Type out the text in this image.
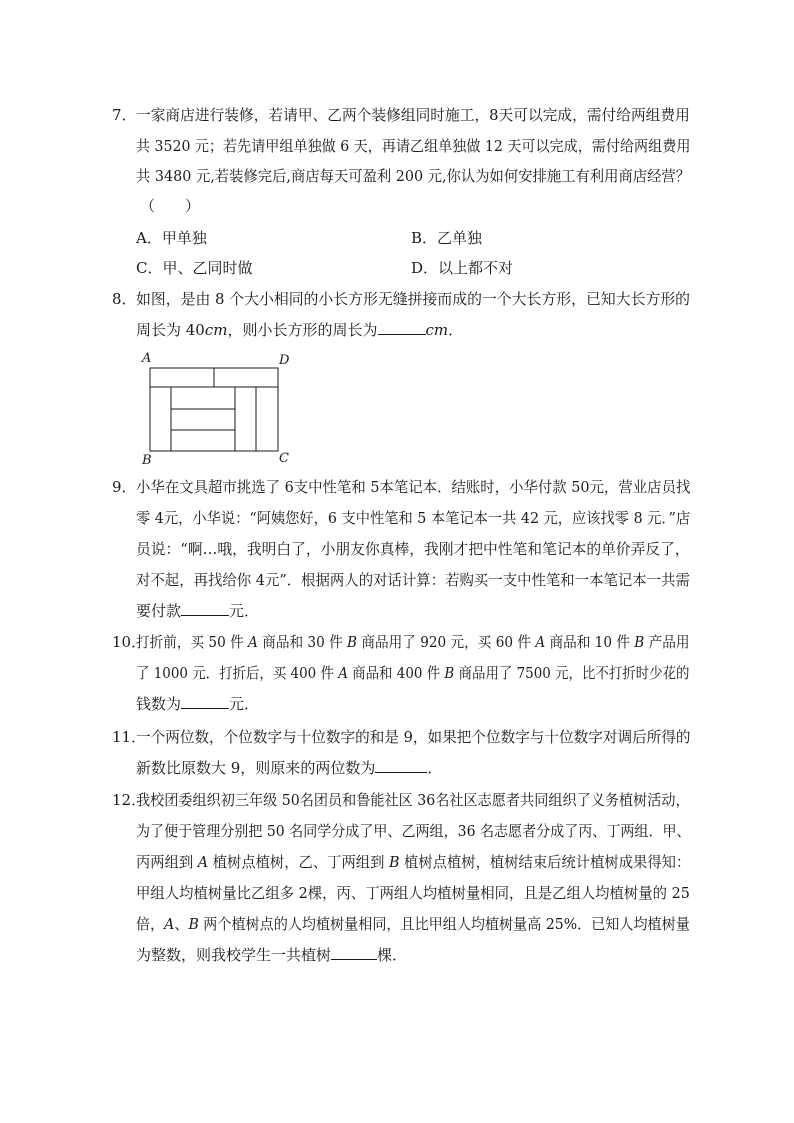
7． 一家商店进行装修，若请甲、乙两个装修组同时施工，8天可以完成，需付给两组费用
共 3520 元；若先请甲组单独做 6 天，再请乙组单独做 12 天可以完成，需付给两组费用
共 3480 元,若装修完后,商店每天可盈利 200 元,你认为如何安排施工有利用商店经营？
（　　）
A．甲单独	B．乙单独
C．甲、乙同时做	D．以上都不对
8． 如图，是由 8 个大小相同的小长方形无缝拼接而成的一个大长方形，已知大长方形的
周长为 40cm，则小长方形的周长为	cm．
A	D
B	C
9． 小华在文具超市挑选了 6支中性笔和 5本笔记本．结账时，小华付款 50元，营业店员找
零 4元，小华说：“阿姨您好，6 支中性笔和 5 本笔记本一共 42 元，应该找零 8 元．”店
员说：“啊…哦，我明白了，小朋友你真棒，我刚才把中性笔和笔记本的单价弄反了，
对不起，再找给你 4元”．根据两人的对话计算：若购买一支中性笔和一本笔记本一共需
要付款	元．
10．
打折前，买 50 件 A 商品和 30 件 B 商品用了 920 元，买 60 件 A 商品和 10 件 B 产品用
了 1000 元．打折后，买 400 件 A 商品和 400 件 B 商品用了 7500 元，比不打折时少花的
钱数为	元．
11．
一个两位数，个位数字与十位数字的和是 9，如果把个位数字与十位数字对调后所得的
新数比原数大 9，则原来的两位数为	．
12．
我校团委组织初三年级 50名团员和鲁能社区 36名社区志愿者共同组织了义务植树活动，
为了便于管理分别把 50 名同学分成了甲、乙两组，36 名志愿者分成了丙、丁两组．甲、
丙两组到 A 植树点植树，乙、丁两组到 B 植树点植树，植树结束后统计植树成果得知：
甲组人均植树量比乙组多 2棵，丙、丁两组人均植树量相同，且是乙组人均植树量的 25
倍，A、B 两个植树点的人均植树量相同，且比甲组人均植树量高 25%．已知人均植树量
为整数，则我校学生一共植树	棵．
